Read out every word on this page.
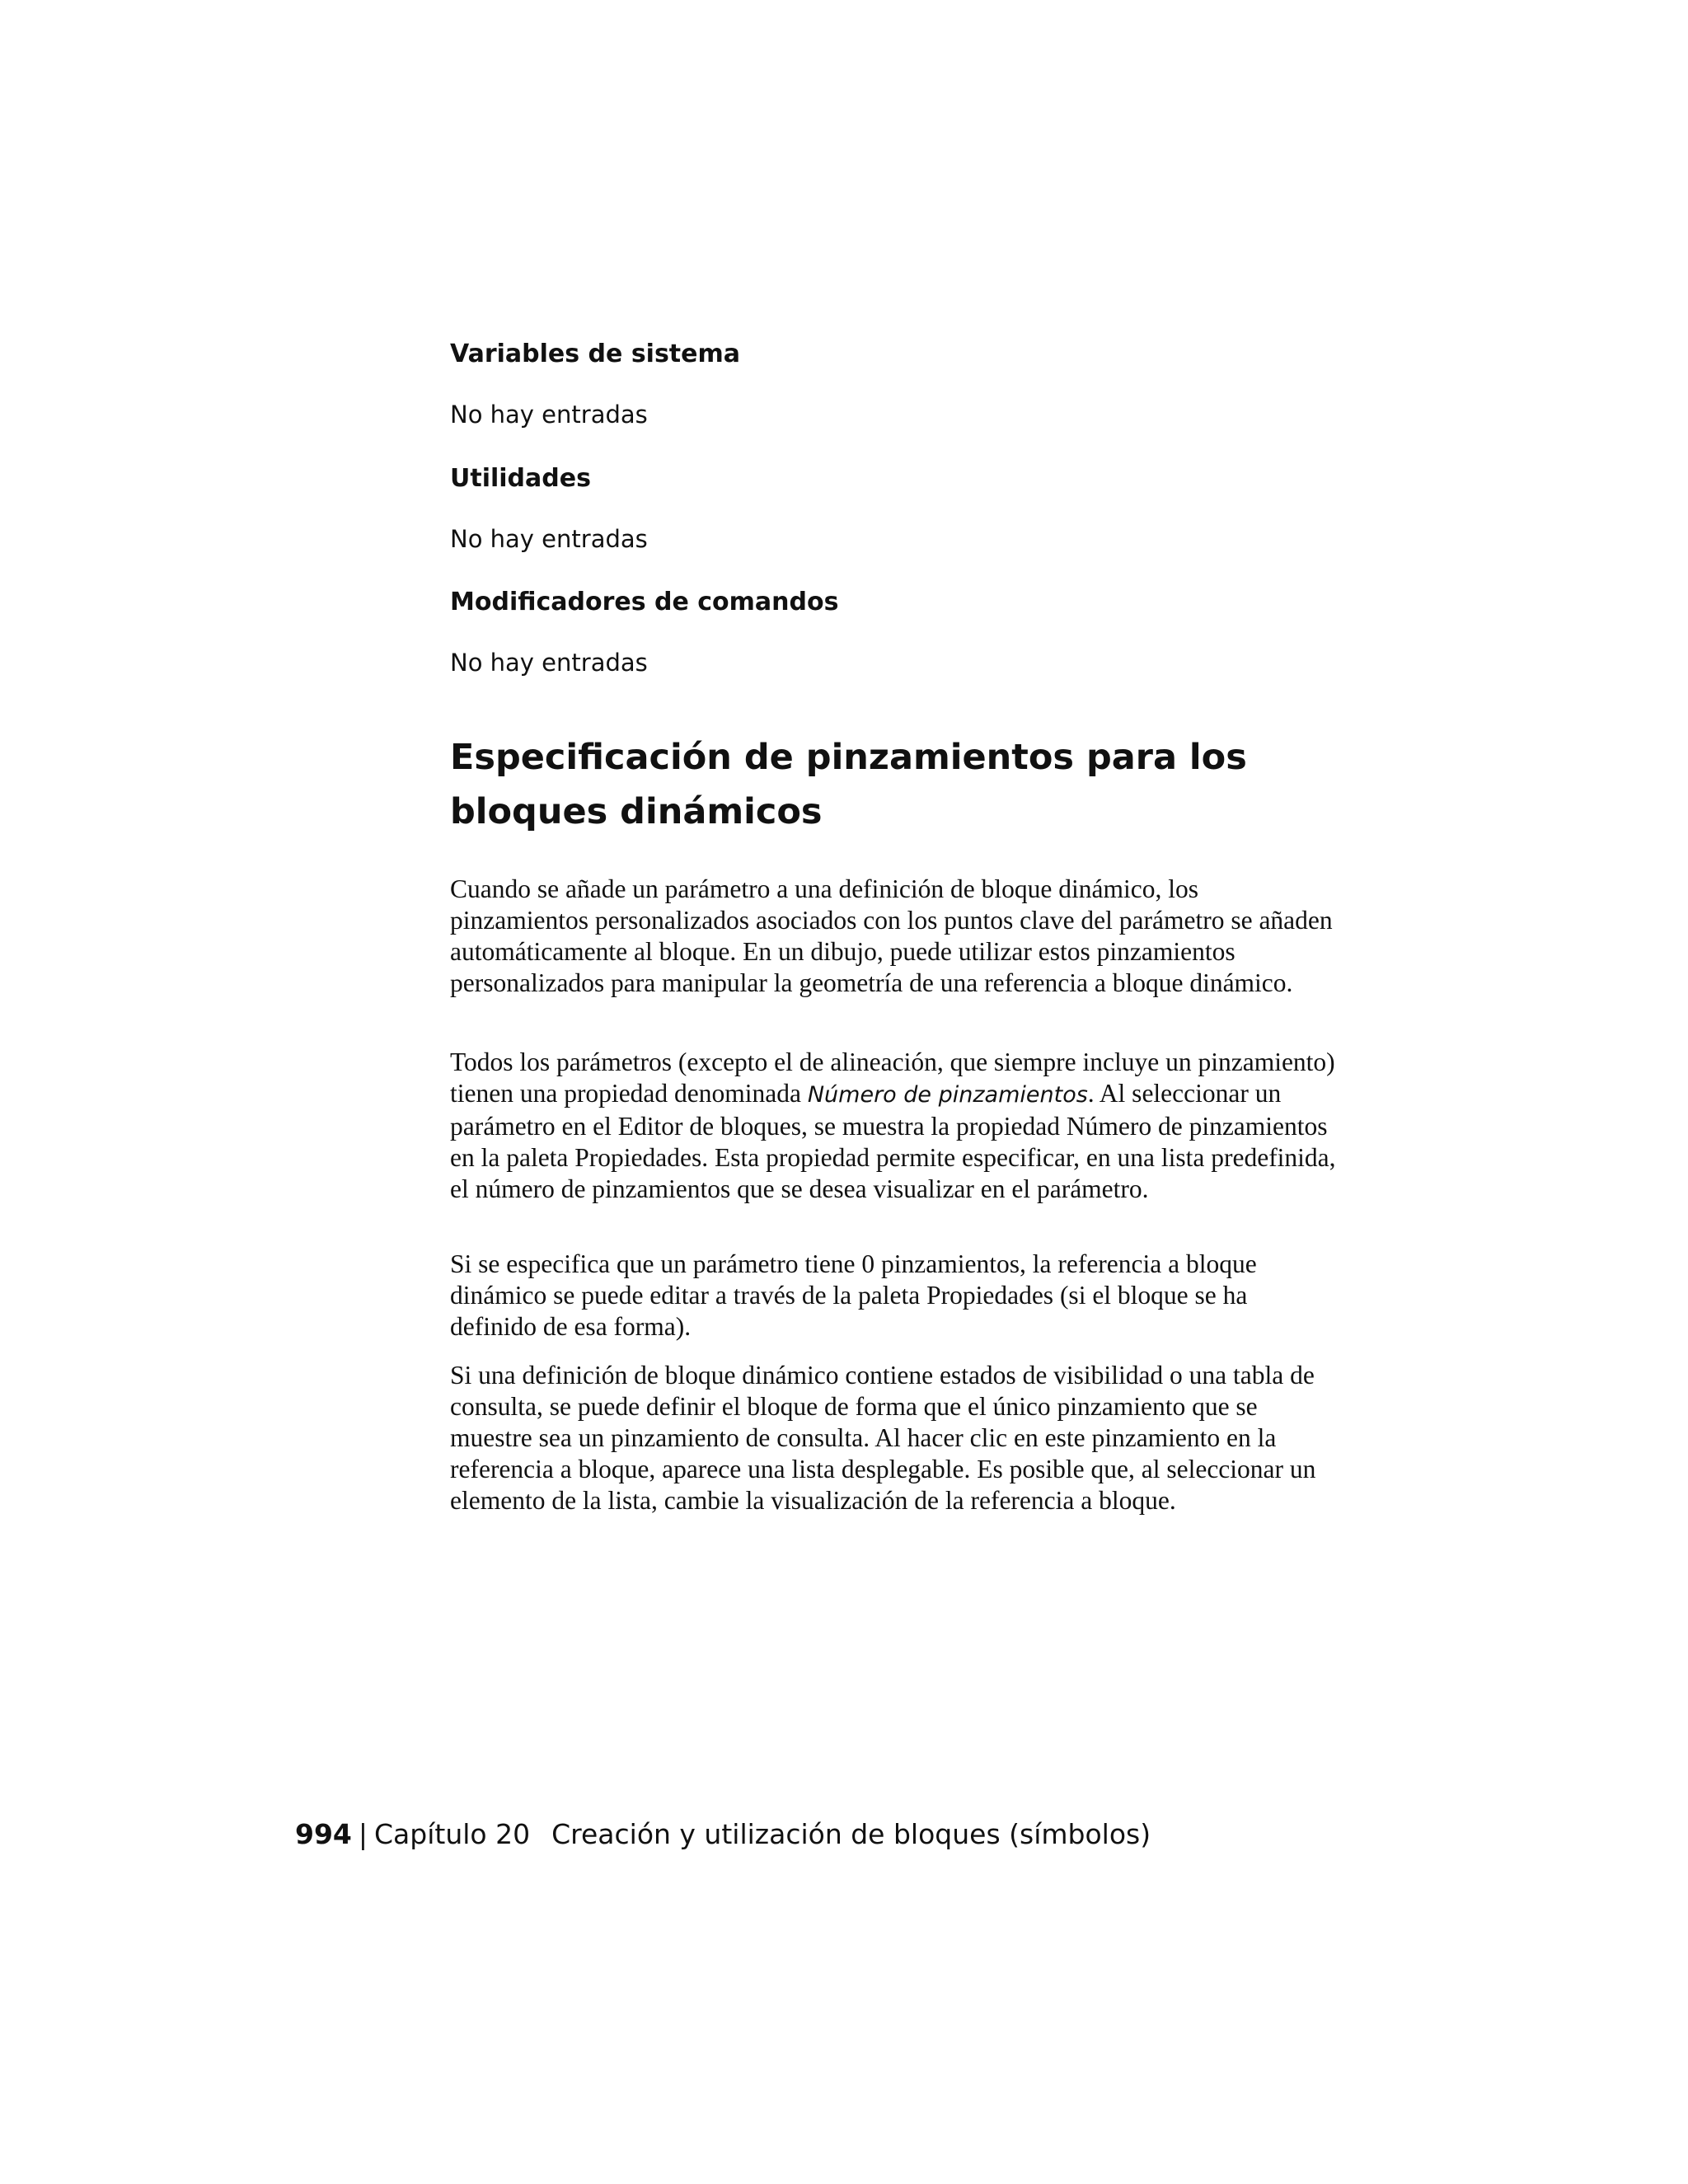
Variables de sistema

No hay entradas

Utilidades

No hay entradas

Modificadores de comandos

No hay entradas

Especificación de pinzamientos para los bloques dinámicos

Cuando se añade un parámetro a una definición de bloque dinámico, los pinzamientos personalizados asociados con los puntos clave del parámetro se añaden automáticamente al bloque. En un dibujo, puede utilizar estos pinzamientos personalizados para manipular la geometría de una referencia a bloque dinámico.

Todos los parámetros (excepto el de alineación, que siempre incluye un pinzamiento) tienen una propiedad denominada Número de pinzamientos. Al seleccionar un parámetro en el Editor de bloques, se muestra la propiedad Número de pinzamientos en la paleta Propiedades. Esta propiedad permite especificar, en una lista predefinida, el número de pinzamientos que se desea visualizar en el parámetro.

Si se especifica que un parámetro tiene 0 pinzamientos, la referencia a bloque dinámico se puede editar a través de la paleta Propiedades (si el bloque se ha definido de esa forma).

Si una definición de bloque dinámico contiene estados de visibilidad o una tabla de consulta, se puede definir el bloque de forma que el único pinzamiento que se muestre sea un pinzamiento de consulta. Al hacer clic en este pinzamiento en la referencia a bloque, aparece una lista desplegable. Es posible que, al seleccionar un elemento de la lista, cambie la visualización de la referencia a bloque.

994 | Capítulo 20 Creación y utilización de bloques (símbolos)
